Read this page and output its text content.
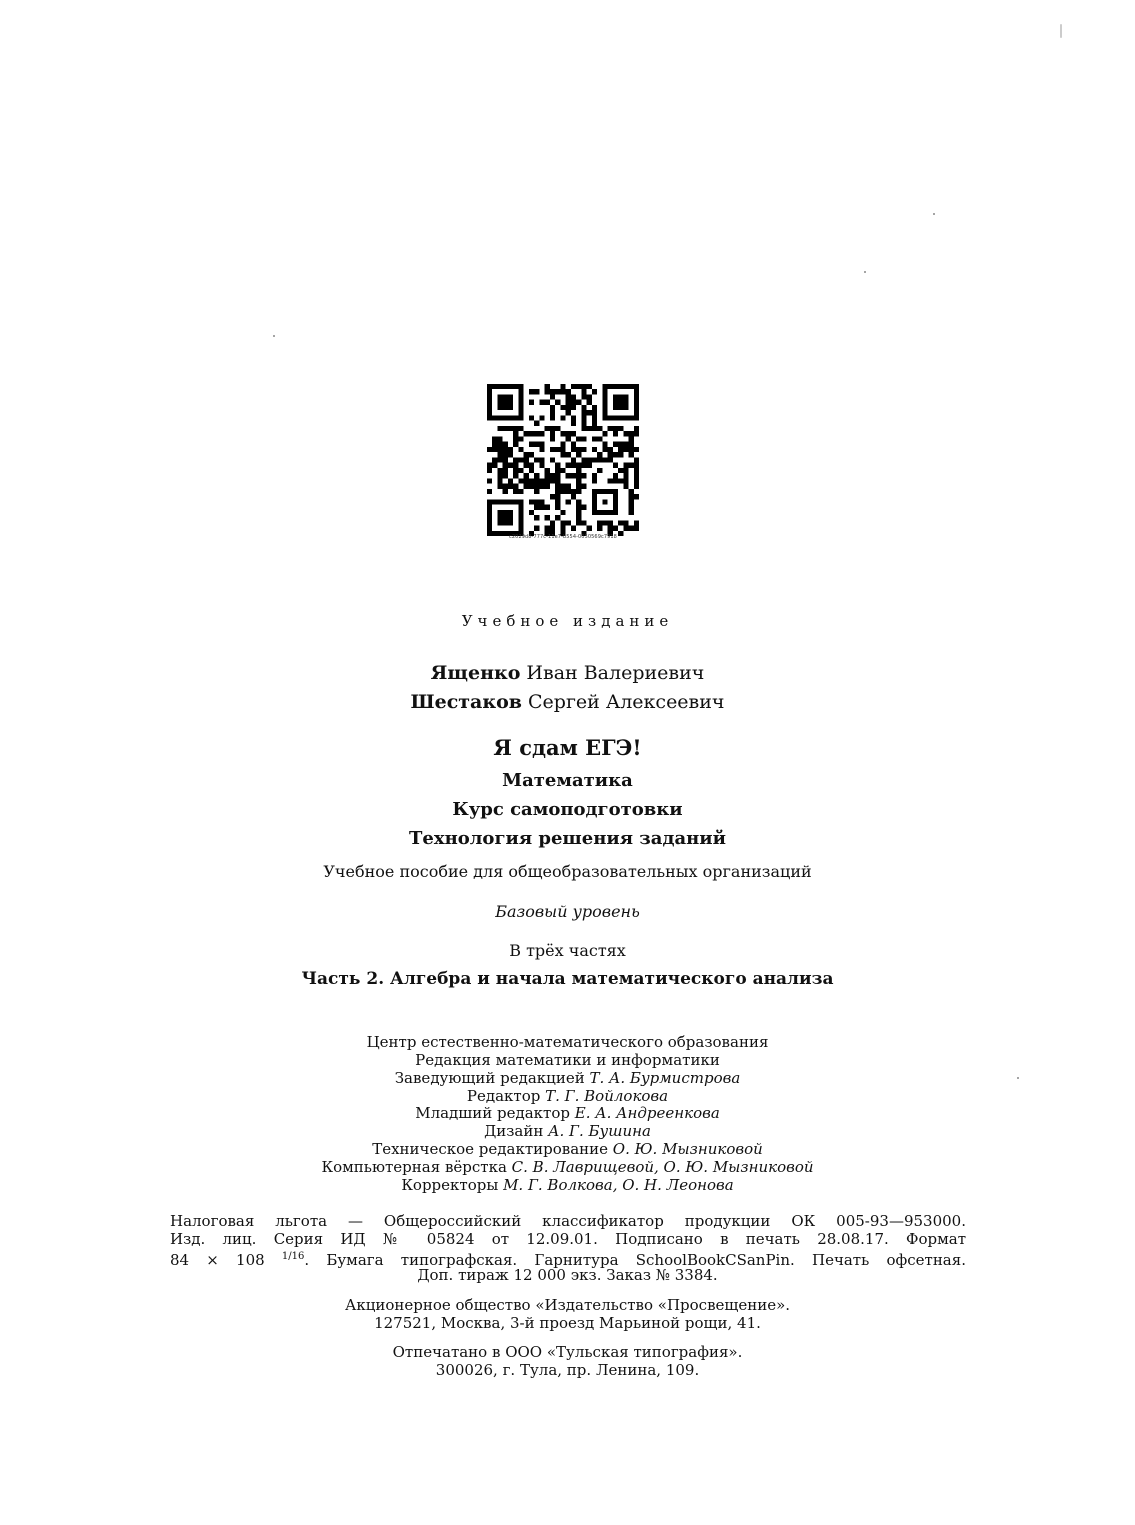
c2029d8-777c-11e7-b554-0050569c7918
Учебное издание
Ященко Иван Валериевич
Шестаков Сергей Алексеевич
Я сдам ЕГЭ!
Математика
Курс самоподготовки
Технология решения заданий
Учебное пособие для общеобразовательных организаций
Базовый уровень
В трёх частях
Часть 2. Алгебра и начала математического анализа
Центр естественно-математического образования
Редакция математики и информатики
Заведующий редакцией Т. А. Бурмистрова
Редактор Т. Г. Войлокова
Младший редактор Е. А. Андреенкова
Дизайн А. Г. Бушина
Техническое редактирование О. Ю. Мызниковой
Компьютерная вёрстка С. В. Лаврищевой, О. Ю. Мызниковой
Корректоры М. Г. Волкова, О. Н. Леонова
Налоговая льгота — Общероссийский классификатор продукции ОК 005-93—953000.
Изд. лиц. Серия ИД № 05824 от 12.09.01. Подписано в печать 28.08.17. Формат
84 × 108 $^{1/16}$. Бумага типографская. Гарнитура SchoolBookCSanPin. Печать офсетная.
Доп. тираж 12 000 экз. Заказ № 3384.
Акционерное общество «Издательство «Просвещение».
127521, Москва, 3-й проезд Марьиной рощи, 41.
Отпечатано в ООО «Тульская типография».
300026, г. Тула, пр. Ленина, 109.
